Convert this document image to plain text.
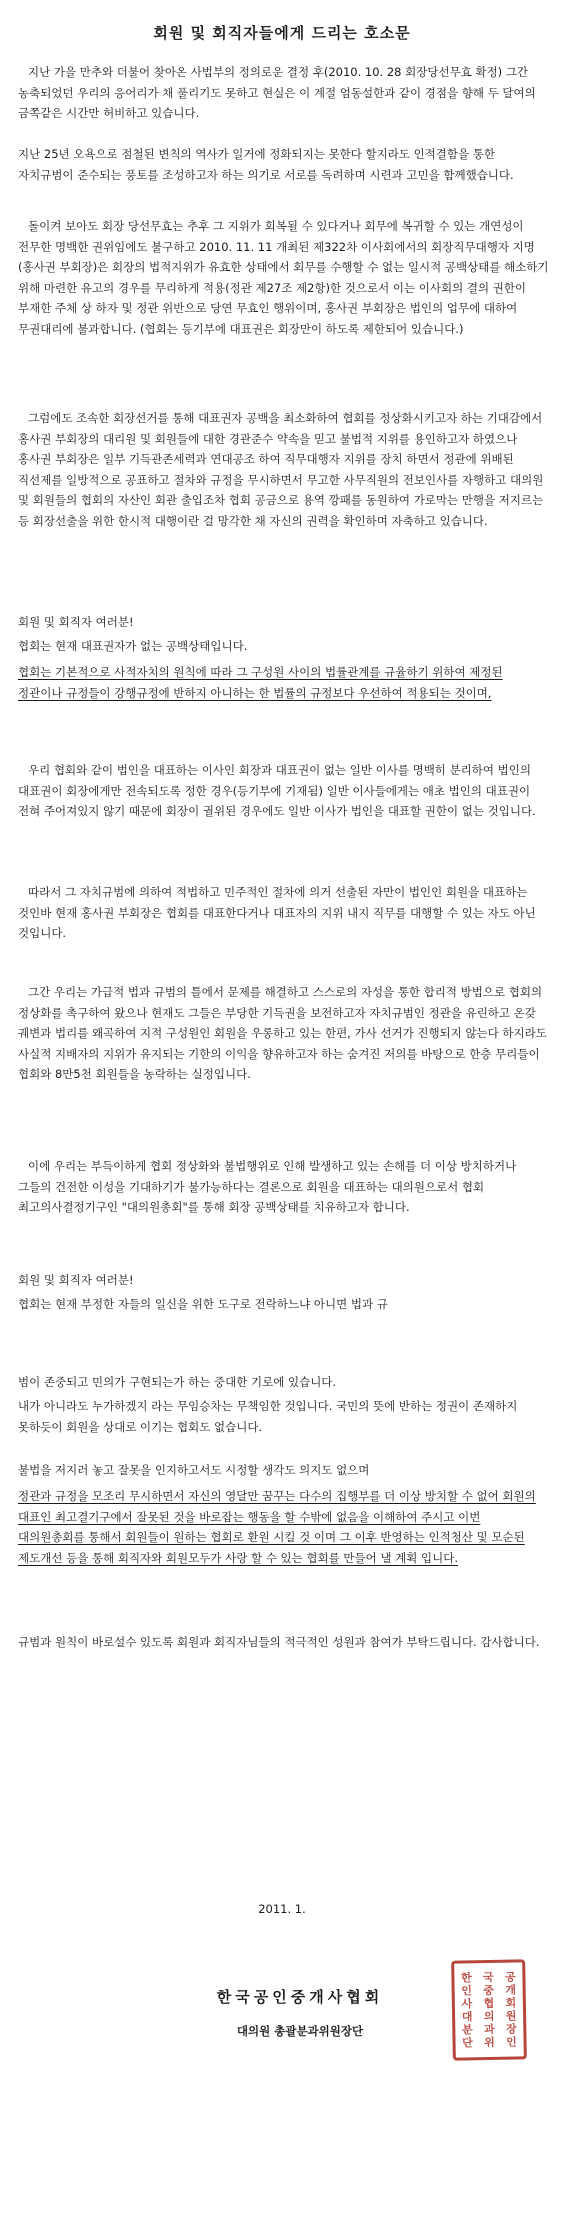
회원 및 회직자들에게 드리는 호소문

지난 가을 만추와 더불어 찾아온 사법부의 정의로운 결정 후(2010. 10. 28 회장당선무효 확정) 그간 농축되었던 우리의 응어리가 채 풀리기도 못하고 현실은 이 계절 엄동설한과 같이 경점을 향해 두 달여의 금쪽같은 시간만 허비하고 있습니다.

지난 25년 오욕으로 점철된 변칙의 역사가 일거에 정화되지는 못한다 할지라도 인적결함을 통한 자치규범이 준수되는 풍토를 조성하고자 하는 의기로 서로를 독려하며 시련과 고민을 함께했습니다.

돌이켜 보아도 회장 당선무효는 추후 그 지위가 회복될 수 있다거나 회무에 복귀할 수 있는 개연성이 전무한 명백한 권위임에도 불구하고 2010. 11. 11 개최된 제322차 이사회에서의 회장직무대행자 지명(홍사권 부회장)은 회장의 법적지위가 유효한 상태에서 회무를 수행할 수 없는 일시적 공백상태를 해소하기 위해 마련한 유고의 경우를 무리하게 적용(정관 제27조 제2항)한 것으로서 이는 이사회의 결의 권한이 부재한 주체 상 하자 및 정관 위반으로 당연 무효인 행위이며, 홍사권 부회장은 법인의 업무에 대하여 무권대리에 불과합니다. (협회는 등기부에 대표권은 회장만이 하도록 제한되어 있습니다.)

그럼에도 조속한 회장선거를 통해 대표권자 공백을 최소화하여 협회를 정상화시키고자 하는 기대감에서 홍사권 부회장의 대리원 및 회원들에 대한 경관준수 약속을 믿고 불법적 지위를 용인하고자 하였으나 홍사권 부회장은 일부 기득관존세력과 연대공조 하여 직무대행자 지위를 장치 하면서 정관에 위배된 직선제를 일방적으로 공표하고 절차와 규정을 무시하면서 무고한 사무직원의 전보인사를 자행하고 대의원 및 회원들의 협회의 자산인 회관 출입조차 협회 공금으로 용역 깡패를 동원하여 가로막는 만행을 저지르는 등 회장선출을 위한 한시적 대행이란 걸 망각한 채 자신의 권력을 확인하며 자축하고 있습니다.

회원 및 회직자 여러분!

협회는 현재 대표권자가 없는 공백상태입니다.

협회는 기본적으로 사적자치의 원칙에 따라 그 구성원 사이의 법률관계를 규율하기 위하여 제정된 정관이나 규정들이 강행규정에 반하지 아니하는 한 법률의 규정보다 우선하여 적용되는 것이며,

우리 협회와 같이 법인을 대표하는 이사인 회장과 대표권이 없는 일반 이사를 명백히 분리하여 법인의 대표권이 회장에게만 전속되도록 정한 경우(등기부에 기재됨) 일반 이사들에게는 애초 법인의 대표권이 전혀 주어져있지 않기 때문에 회장이 궐위된 경우에도 일반 이사가 법인을 대표할 권한이 없는 것입니다.

따라서 그 자치규범에 의하여 적법하고 민주적인 절차에 의거 선출된 자만이 법인인 회원을 대표하는 것인바 현재 홍사권 부회장은 협회를 대표한다거나 대표자의 지위 내지 직무를 대행할 수 있는 자도 아닌 것입니다.

그간 우리는 가급적 법과 규범의 틀에서 문제를 해결하고 스스로의 자성을 통한 합리적 방법으로 협회의 정상화를 촉구하여 왔으나 현재도 그들은 부당한 기득권을 보전하고자 자치규범인 정관을 유린하고 온갖 궤변과 법리를 왜곡하여 지적 구성원인 회원을 우롱하고 있는 한편, 가사 선거가 진행되지 않는다 하지라도 사실적 지배자의 지위가 유지되는 기한의 이익을 향유하고자 하는 숨겨진 저의를 바탕으로 한층 무리들이 협회와 8만5천 회원들을 농락하는 실정입니다.

이에 우리는 부득이하게 협회 정상화와 불법행위로 인해 발생하고 있는 손해를 더 이상 방치하거나 그들의 건전한 이성을 기대하기가 불가능하다는 결론으로 회원을 대표하는 대의원으로서 협회 최고의사결정기구인 "대의원총회"를 통해 회장 공백상태를 치유하고자 합니다.

회원 및 회직자 여러분!

협회는 현재 부정한 자들의 일신을 위한 도구로 전락하느냐 아니면 법과 규

범이 존중되고 민의가 구현되는가 하는 중대한 기로에 있습니다.

내가 아니라도 누가하겠지 라는 무임승차는 무책임한 것입니다. 국민의 뜻에 반하는 정권이 존재하지 못하듯이 회원을 상대로 이기는 협회도 없습니다.

불법을 저지러 놓고 잘못을 인지하고서도 시정할 생각도 의지도 없으며

정관과 규정을 모조리 무시하면서 자신의 영달만 꿈꾸는 다수의 집행부를 더 이상 방치할 수 없어 회원의 대표인 최고결기구에서 잘못된 것을 바로잡는 행동을 할 수밖에 없음을 이해하여 주시고 이번 대의원총회를 통해서 회원들이 원하는 협회로 환원 시킬 것 이며 그 이후 반영하는 인적청산 및 모순된 제도개선 등을 통해 회직자와 회원모두가 사랑 할 수 있는 협회를 만들어 낼 계획 입니다.

규범과 원칙이 바로설수 있도록 회원과 회직자님들의 적극적인 성원과 참여가 부탁드립니다. 감사합니다.

2011. 1.
한국공인중개사협회
대의원 총괄분과위원장단
한	국	공
인	중	개
사	협	회
대	의	원
분	과	장
단	위	인
